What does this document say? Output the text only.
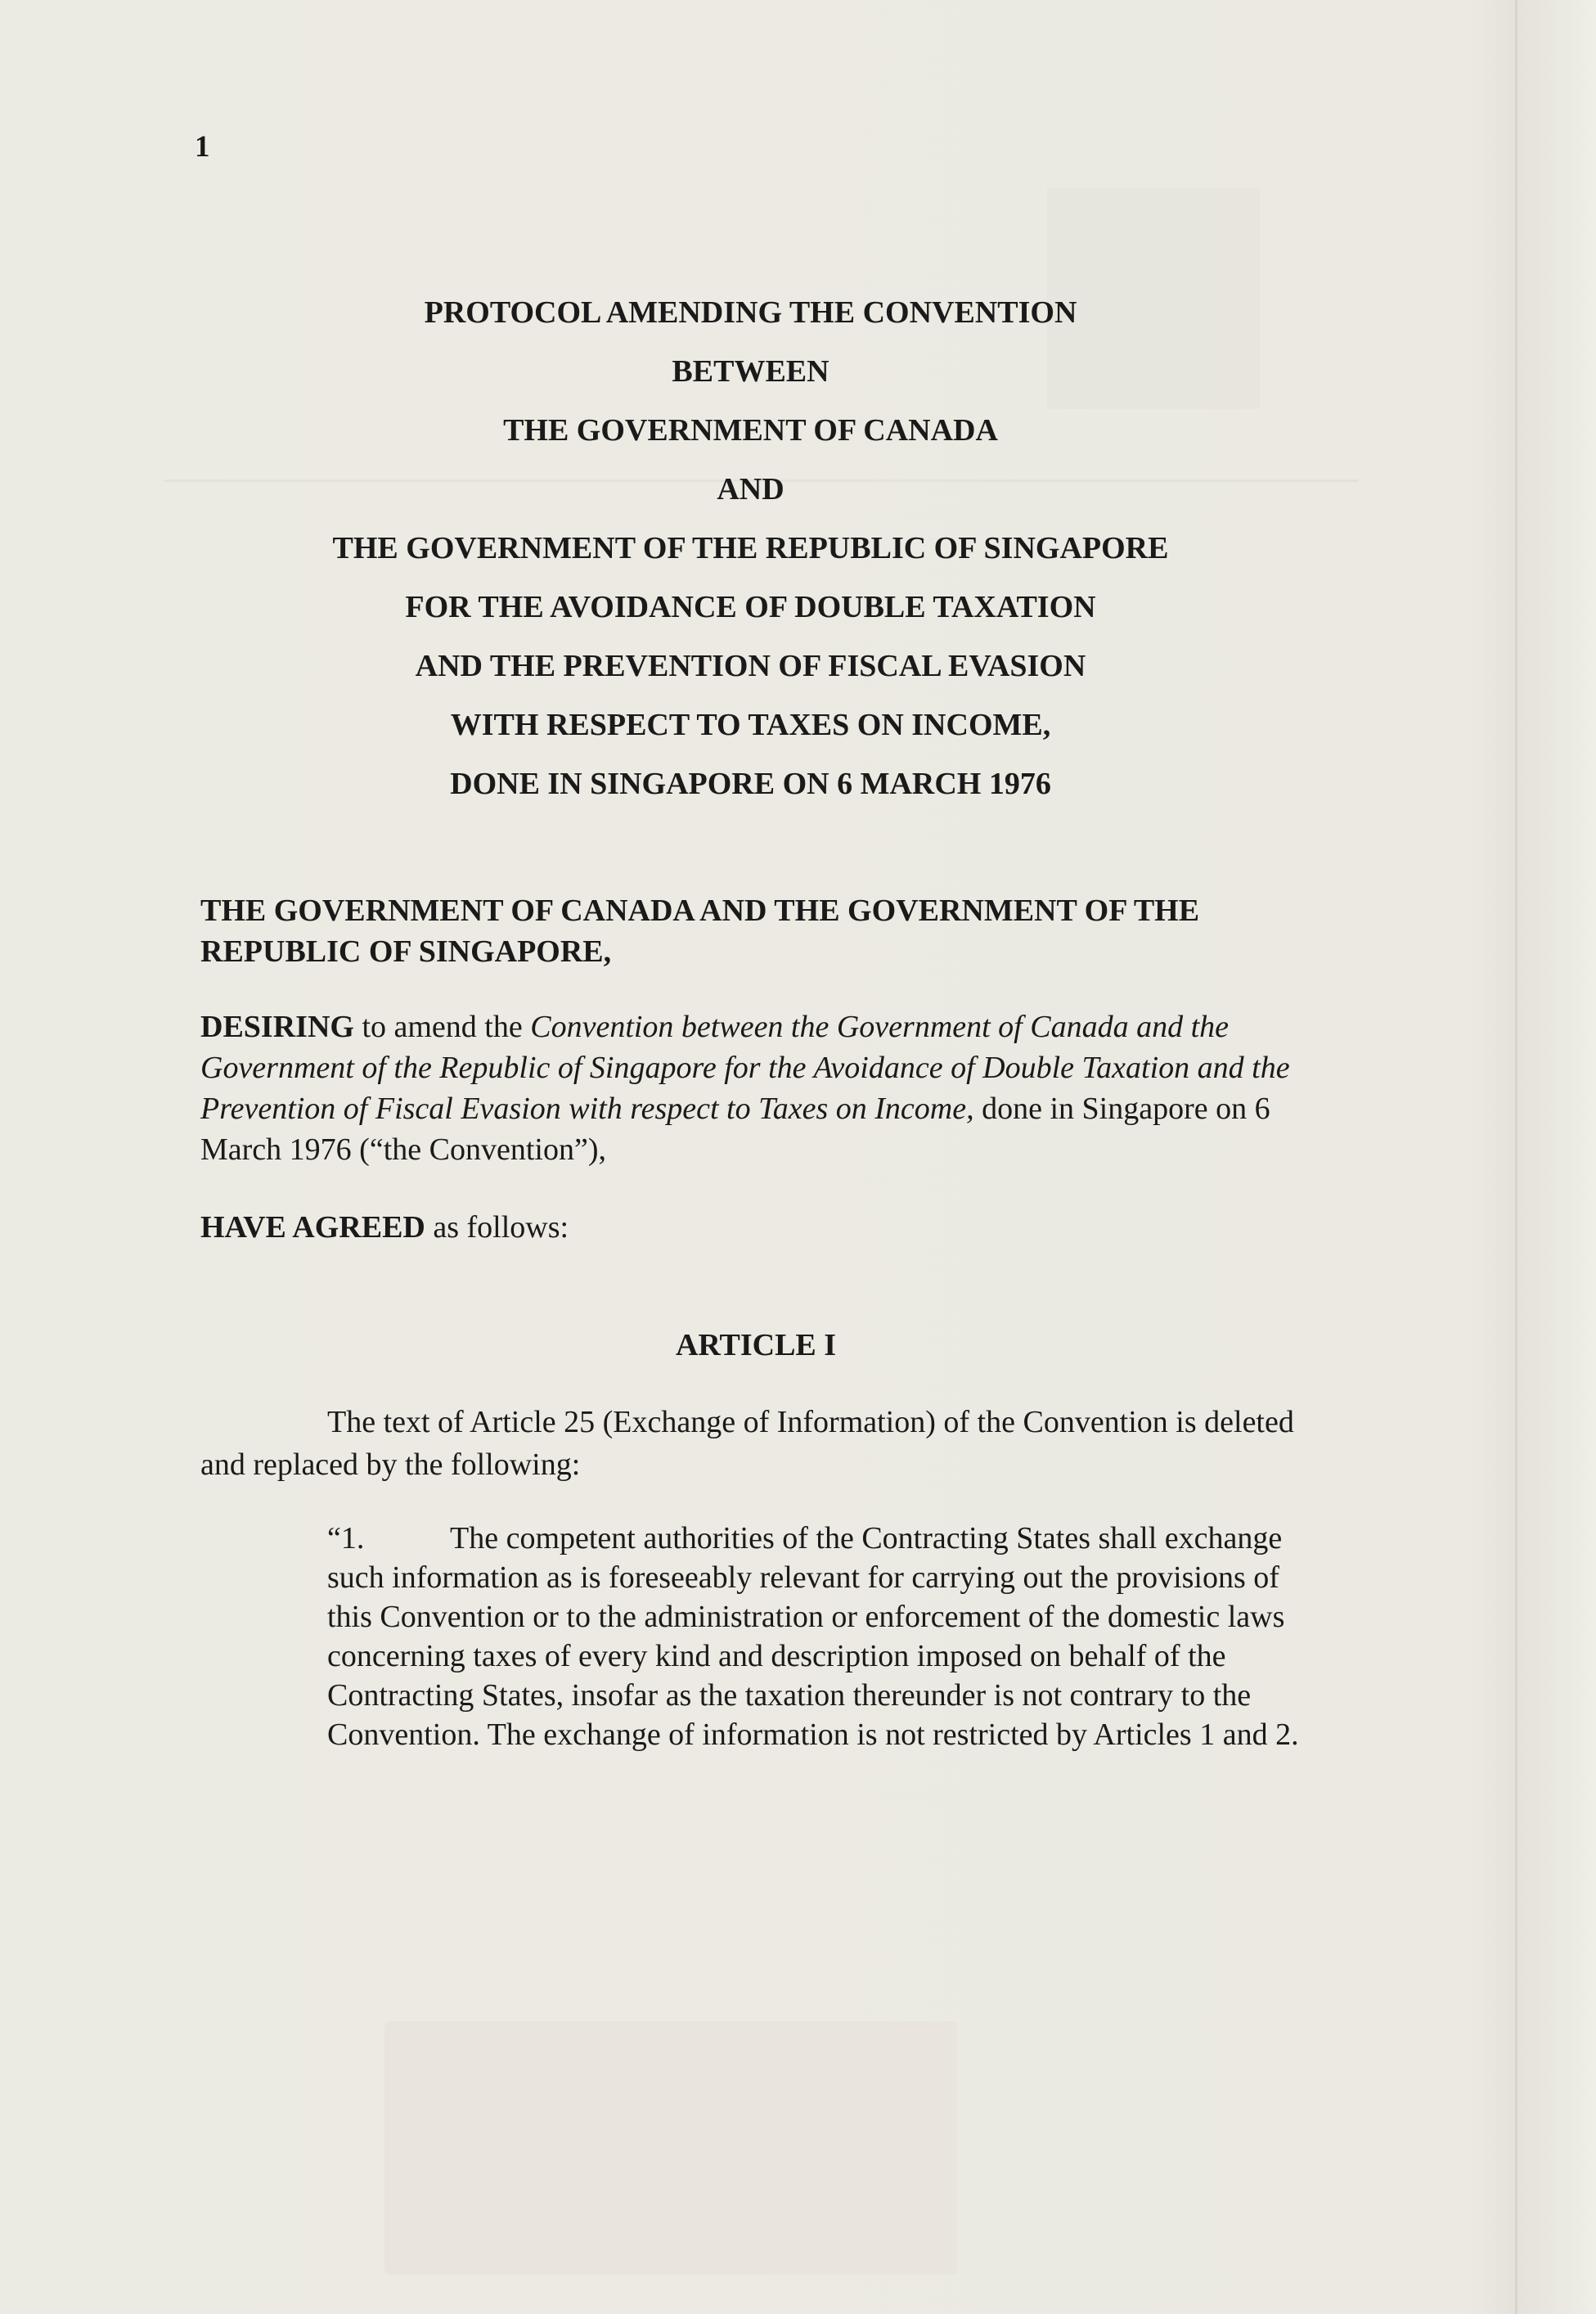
1
PROTOCOL AMENDING THE CONVENTION
BETWEEN
THE GOVERNMENT OF CANADA
AND
THE GOVERNMENT OF THE REPUBLIC OF SINGAPORE
FOR THE AVOIDANCE OF DOUBLE TAXATION
AND THE PREVENTION OF FISCAL EVASION
WITH RESPECT TO TAXES ON INCOME,
DONE IN SINGAPORE ON 6 MARCH 1976
THE GOVERNMENT OF CANADA AND THE GOVERNMENT OF THE REPUBLIC OF SINGAPORE,
DESIRING to amend the Convention between the Government of Canada and the Government of the Republic of Singapore for the Avoidance of Double Taxation and the Prevention of Fiscal Evasion with respect to Taxes on Income, done in Singapore on 6 March 1976 (“the Convention”),
HAVE AGREED as follows:
ARTICLE I
The text of Article 25 (Exchange of Information) of the Convention is deleted and replaced by the following:
“1.	The competent authorities of the Contracting States shall exchange such information as is foreseeably relevant for carrying out the provisions of this Convention or to the administration or enforcement of the domestic laws concerning taxes of every kind and description imposed on behalf of the Contracting States, insofar as the taxation thereunder is not contrary to the Convention. The exchange of information is not restricted by Articles 1 and 2.
